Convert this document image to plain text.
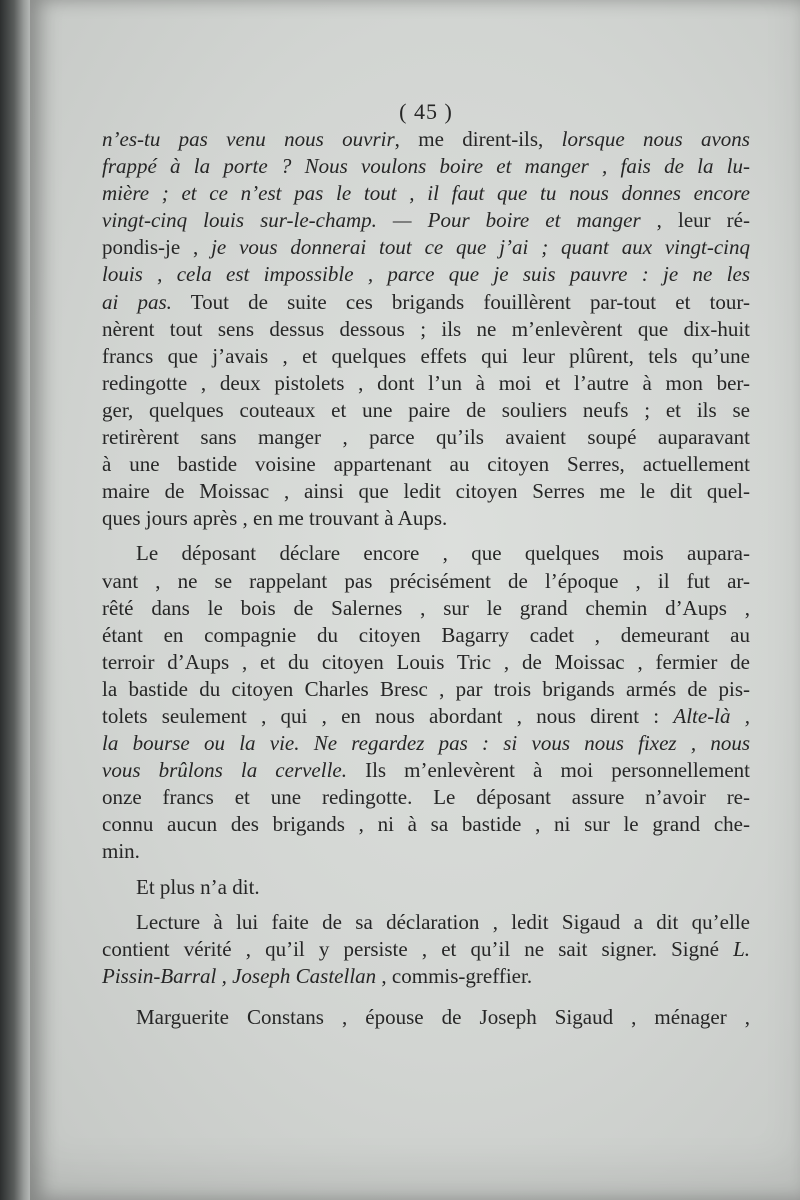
( 45 )
n’es-tu pas venu nous ouvrir, me dirent-ils, lorsque nous avons
frappé à la porte ? Nous voulons boire et manger , fais de la lu-
mière ; et ce n’est pas le tout , il faut que tu nous donnes encore
vingt-cinq louis sur-le-champ. — Pour boire et manger , leur ré-
pondis-je , je vous donnerai tout ce que j’ai ; quant aux vingt-cinq
louis , cela est impossible , parce que je suis pauvre : je ne les
ai pas. Tout de suite ces brigands fouillèrent par-tout et tour-
nèrent tout sens dessus dessous ; ils ne m’enlevèrent que dix-huit
francs que j’avais , et quelques effets qui leur plûrent, tels qu’une
redingotte , deux pistolets , dont l’un à moi et l’autre à mon ber-
ger, quelques couteaux et une paire de souliers neufs ; et ils se
retirèrent sans manger , parce qu’ils avaient soupé auparavant
à une bastide voisine appartenant au citoyen Serres, actuellement
maire de Moissac , ainsi que ledit citoyen Serres me le dit quel-
ques jours après , en me trouvant à Aups.
Le déposant déclare encore , que quelques mois aupara-
vant , ne se rappelant pas précisément de l’époque , il fut ar-
rêté dans le bois de Salernes , sur le grand chemin d’Aups ,
étant en compagnie du citoyen Bagarry cadet , demeurant au
terroir d’Aups , et du citoyen Louis Tric , de Moissac , fermier de
la bastide du citoyen Charles Bresc , par trois brigands armés de pis-
tolets seulement , qui , en nous abordant , nous dirent : Alte-là ,
la bourse ou la vie. Ne regardez pas : si vous nous fixez , nous
vous brûlons la cervelle. Ils m’enlevèrent à moi personnellement
onze francs et une redingotte. Le déposant assure n’avoir re-
connu aucun des brigands , ni à sa bastide , ni sur le grand che-
min.
Et plus n’a dit.
Lecture à lui faite de sa déclaration , ledit Sigaud a dit qu’elle
contient vérité , qu’il y persiste , et qu’il ne sait signer. Signé L.
Pissin-Barral , Joseph Castellan , commis-greffier.
Marguerite Constans , épouse de Joseph Sigaud , ménager ,
